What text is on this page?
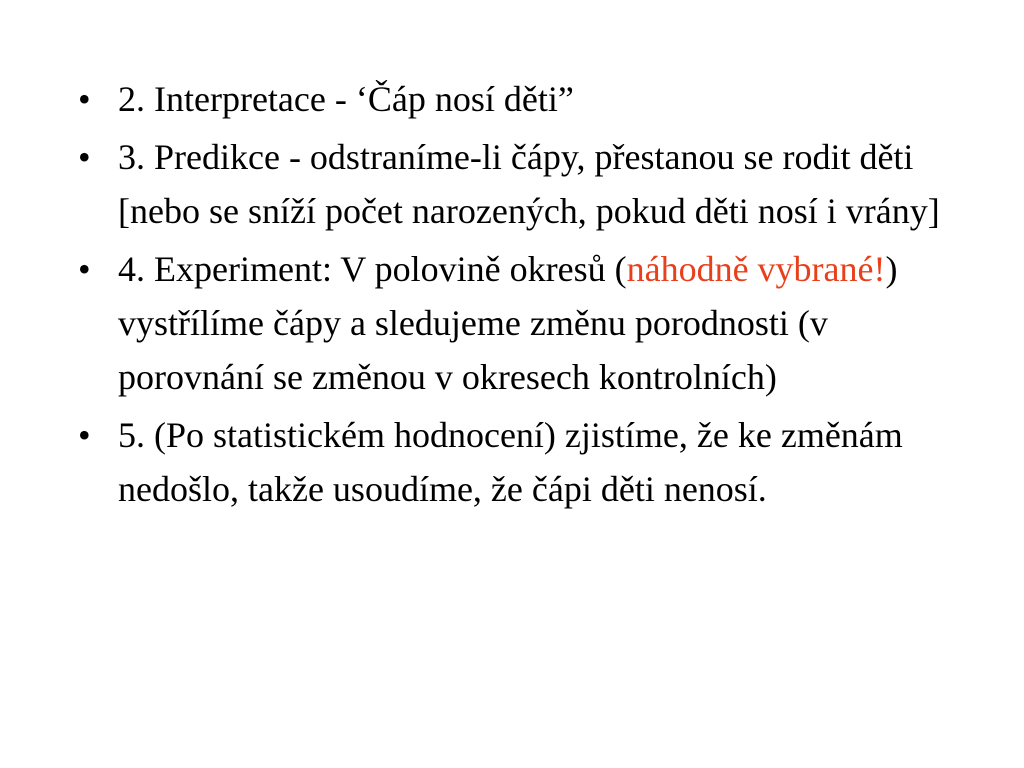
• 2. Interpretace - ‘Čáp nosí děti”
• 3. Predikce - odstraníme-li čápy, přestanou se rodit děti [nebo se sníží počet narozených, pokud děti nosí i vrány]
• 4. Experiment: V polovině okresů (náhodně vybrané!) vystřílíme čápy a sledujeme změnu porodnosti (v porovnání se změnou v okresech kontrolních)
• 5. (Po statistickém hodnocení) zjistíme, že ke změnám nedošlo, takže usoudíme, že čápi děti nenosí.
